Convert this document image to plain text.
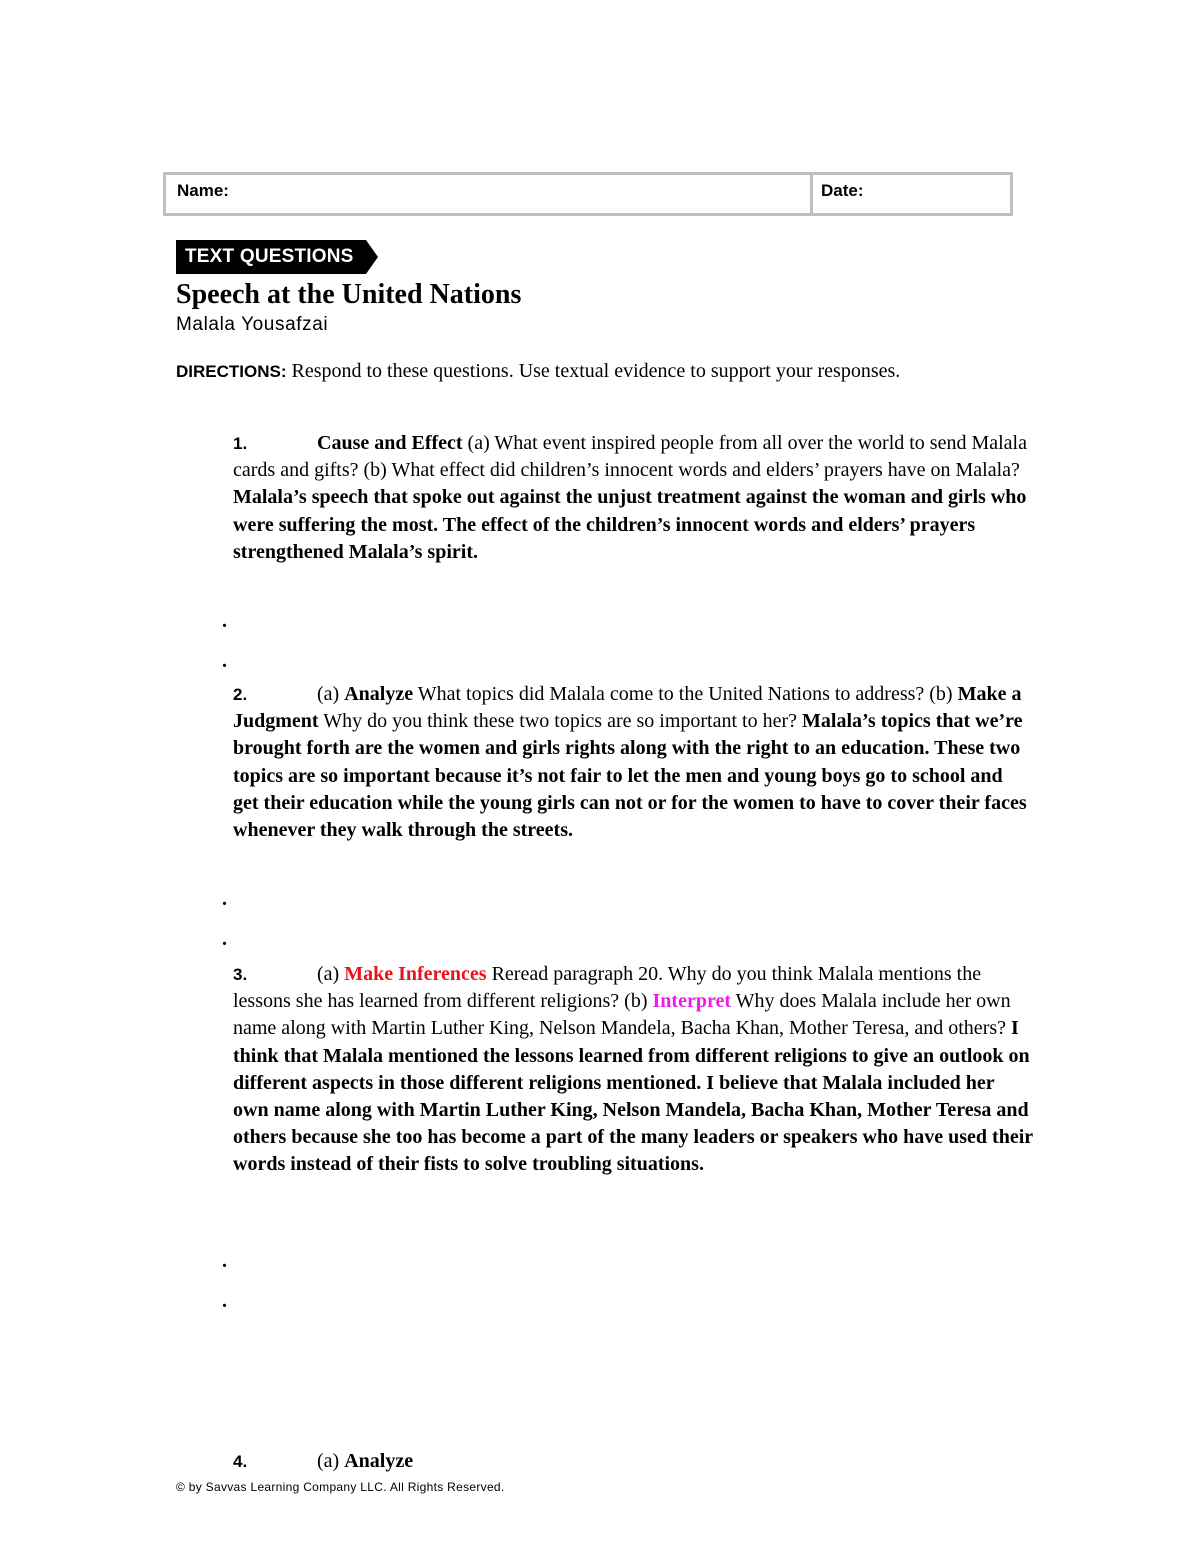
Name:	Date:
TEXT QUESTIONS
Speech at the United Nations
Malala Yousafzai
DIRECTIONS: Respond to these questions. Use textual evidence to support your responses.
1.	Cause and Effect (a) What event inspired people from all over the world to send Malala cards and gifts? (b) What effect did children’s innocent words and elders’ prayers have on Malala? Malala’s speech that spoke out against the unjust treatment against the woman and girls who were suffering the most. The effect of the children’s innocent words and elders’ prayers strengthened Malala’s spirit.
.
.
2.	(a) Analyze What topics did Malala come to the United Nations to address? (b) Make a Judgment Why do you think these two topics are so important to her? Malala’s topics that we’re brought forth are the women and girls rights along with the right to an education. These two topics are so important because it’s not fair to let the men and young boys go to school and get their education while the young girls can not or for the women to have to cover their faces whenever they walk through the streets.
.
.
3.	(a) Make Inferences Reread paragraph 20. Why do you think Malala mentions the lessons she has learned from different religions? (b) Interpret Why does Malala include her own name along with Martin Luther King, Nelson Mandela, Bacha Khan, Mother Teresa, and others? I think that Malala mentioned the lessons learned from different religions to give an outlook on different aspects in those different religions mentioned. I believe that Malala included her own name along with Martin Luther King, Nelson Mandela, Bacha Khan, Mother Teresa and others because she too has become a part of the many leaders or speakers who have used their words instead of their fists to solve troubling situations.
.
.
4.	(a) Analyze
© by Savvas Learning Company LLC. All Rights Reserved.
